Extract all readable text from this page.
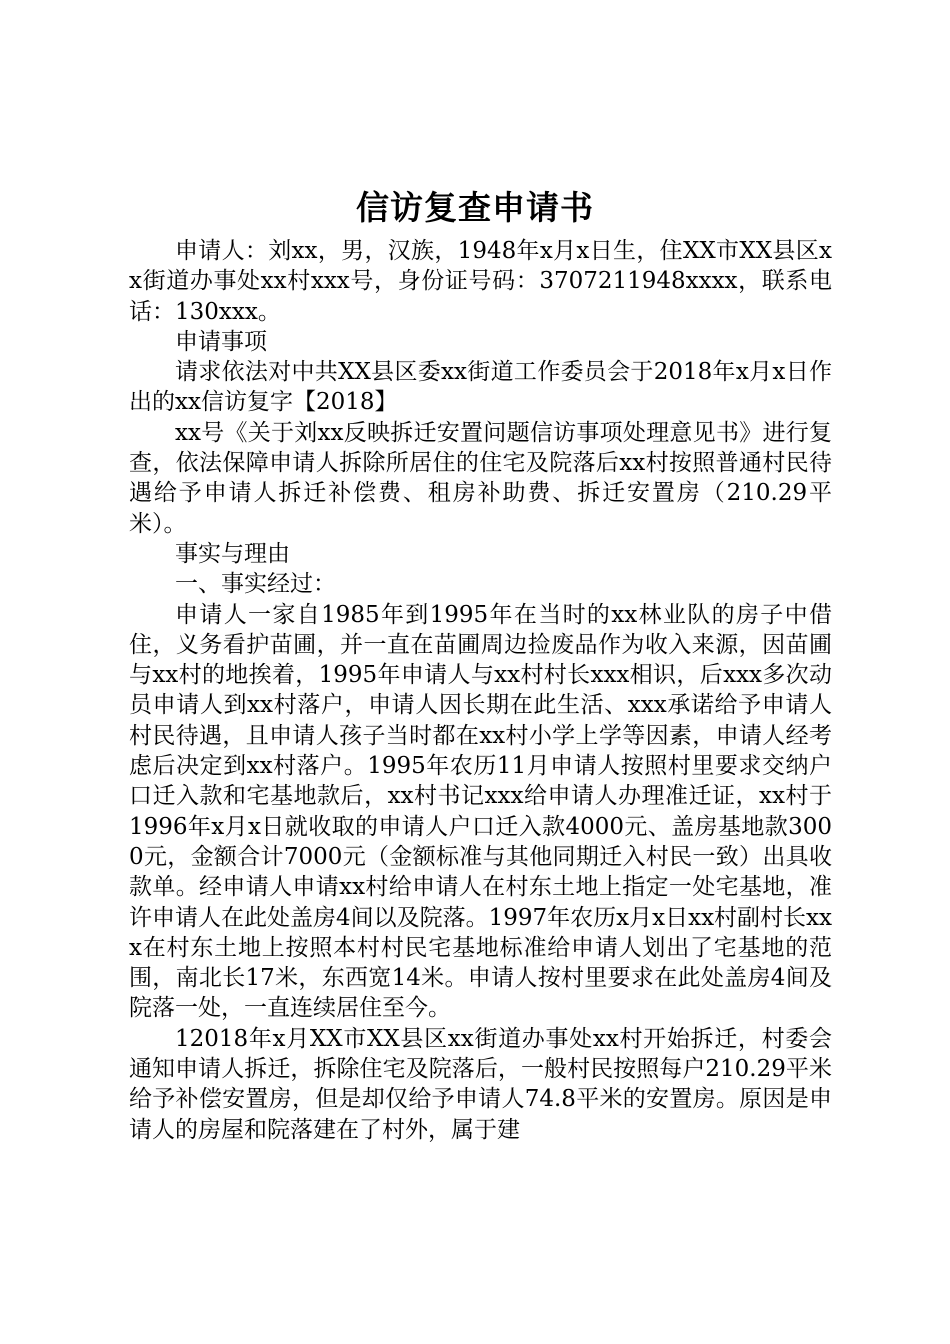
信访复查申请书

申请人：刘xx，男，汉族，1948年x月x日生，住XX市XX县区xx街道办事处xx村xxx号，身份证号码：3707211948xxxx，联系电话：130xxx。

申请事项

请求依法对中共XX县区委xx街道工作委员会于2018年x月x日作出的xx信访复字【2018】

xx号《关于刘xx反映拆迁安置问题信访事项处理意见书》进行复查，依法保障申请人拆除所居住的住宅及院落后xx村按照普通村民待遇给予申请人拆迁补偿费、租房补助费、拆迁安置房（210.29平米）。

事实与理由

一、事实经过：

申请人一家自1985年到1995年在当时的xx林业队的房子中借住，义务看护苗圃，并一直在苗圃周边捡废品作为收入来源，因苗圃与xx村的地挨着，1995年申请人与xx村村长xxx相识，后xxx多次动员申请人到xx村落户，申请人因长期在此生活、xxx承诺给予申请人村民待遇，且申请人孩子当时都在xx村小学上学等因素，申请人经考虑后决定到xx村落户。1995年农历11月申请人按照村里要求交纳户口迁入款和宅基地款后，xx村书记xxx给申请人办理准迁证，xx村于1996年x月x日就收取的申请人户口迁入款4000元、盖房基地款3000元，金额合计7000元（金额标准与其他同期迁入村民一致）出具收款单。经申请人申请xx村给申请人在村东土地上指定一处宅基地，准许申请人在此处盖房4间以及院落。1997年农历x月x日xx村副村长xxx在村东土地上按照本村村民宅基地标准给申请人划出了宅基地的范围，南北长17米，东西宽14米。申请人按村里要求在此处盖房4间及院落一处，一直连续居住至今。

12018年x月XX市XX县区xx街道办事处xx村开始拆迁，村委会通知申请人拆迁，拆除住宅及院落后，一般村民按照每户210.29平米给予补偿安置房，但是却仅给予申请人74.8平米的安置房。原因是申请人的房屋和院落建在了村外，属于建
